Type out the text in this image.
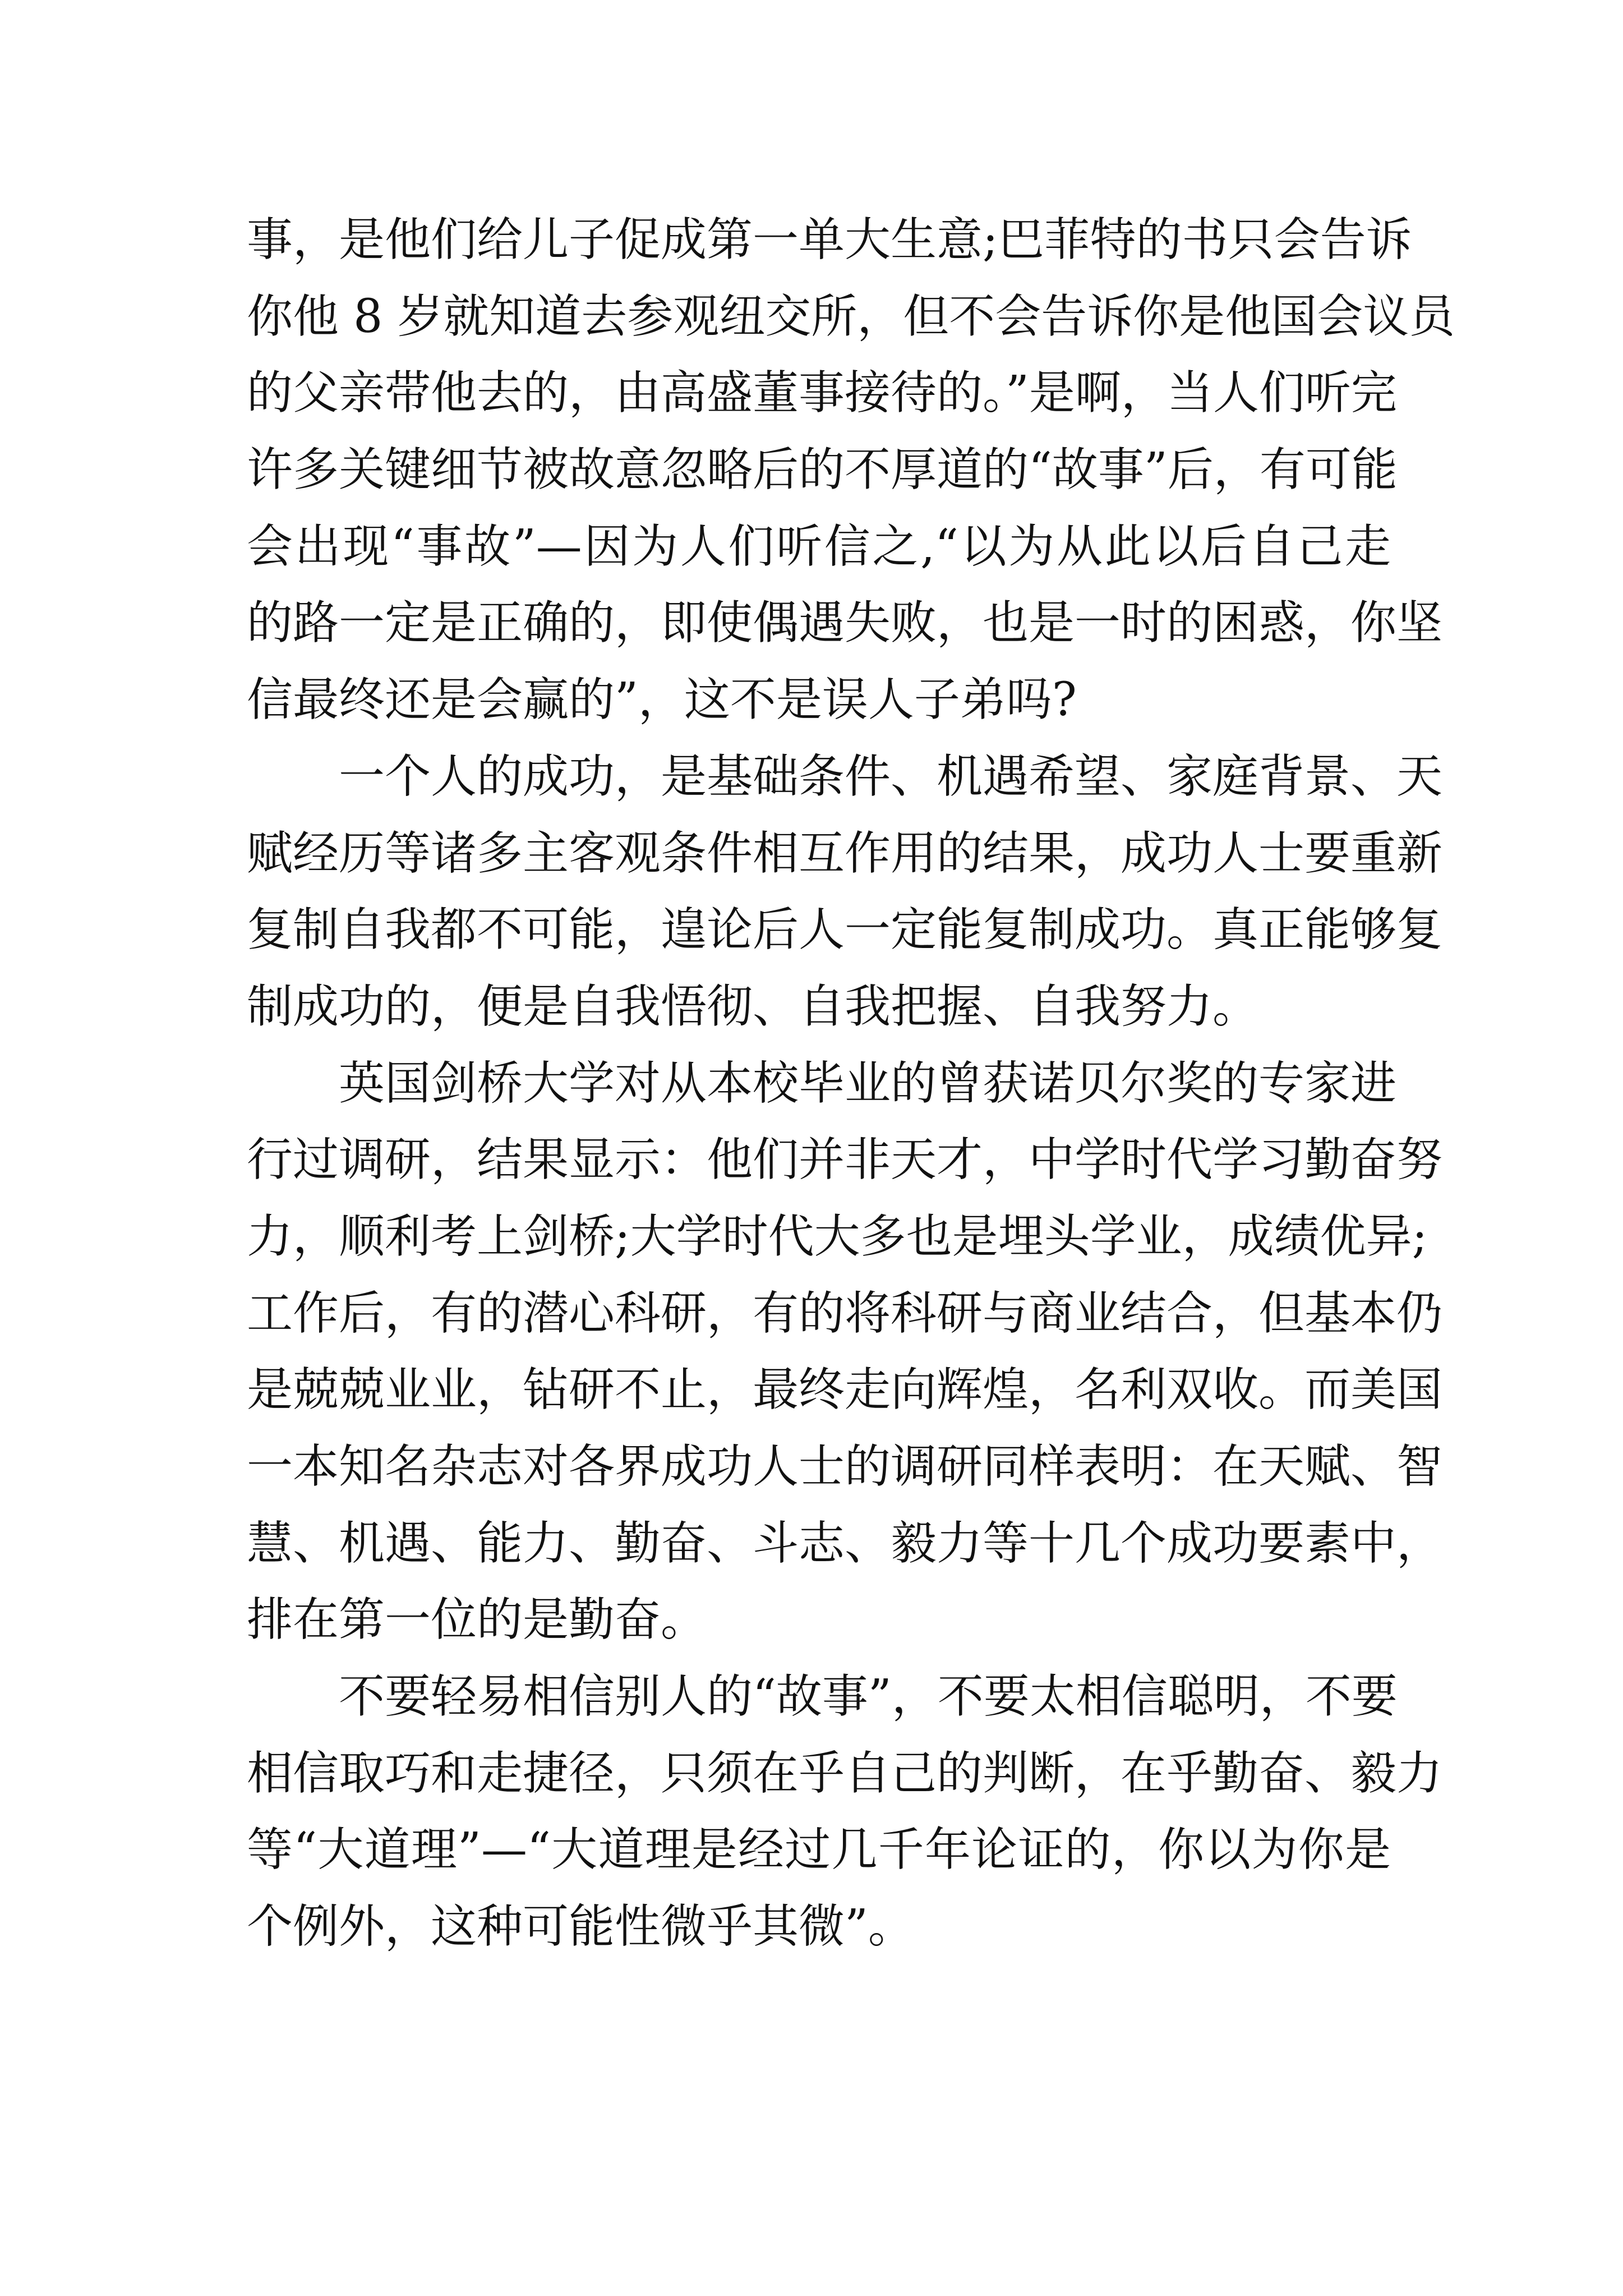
事，是他们给儿子促成第一单大生意;巴菲特的书只会告诉
你他 8 岁就知道去参观纽交所，但不会告诉你是他国会议员
的父亲带他去的，由高盛董事接待的。”是啊，当人们听完
许多关键细节被故意忽略后的不厚道的“故事”后，有可能
会出现“事故”—因为人们听信之,“以为从此以后自己走
的路一定是正确的，即使偶遇失败，也是一时的困惑，你坚
信最终还是会赢的”，这不是误人子弟吗?
一个人的成功，是基础条件、机遇希望、家庭背景、天
赋经历等诸多主客观条件相互作用的结果，成功人士要重新
复制自我都不可能，遑论后人一定能复制成功。真正能够复
制成功的，便是自我悟彻、自我把握、自我努力。
英国剑桥大学对从本校毕业的曾获诺贝尔奖的专家进
行过调研，结果显示：他们并非天才，中学时代学习勤奋努
力，顺利考上剑桥;大学时代大多也是埋头学业，成绩优异;
工作后，有的潜心科研，有的将科研与商业结合，但基本仍
是兢兢业业，钻研不止，最终走向辉煌，名利双收。而美国
一本知名杂志对各界成功人士的调研同样表明：在天赋、智
慧、机遇、能力、勤奋、斗志、毅力等十几个成功要素中，
排在第一位的是勤奋。
不要轻易相信别人的“故事”，不要太相信聪明，不要
相信取巧和走捷径，只须在乎自己的判断，在乎勤奋、毅力
等“大道理”—“大道理是经过几千年论证的，你以为你是
个例外，这种可能性微乎其微”。
